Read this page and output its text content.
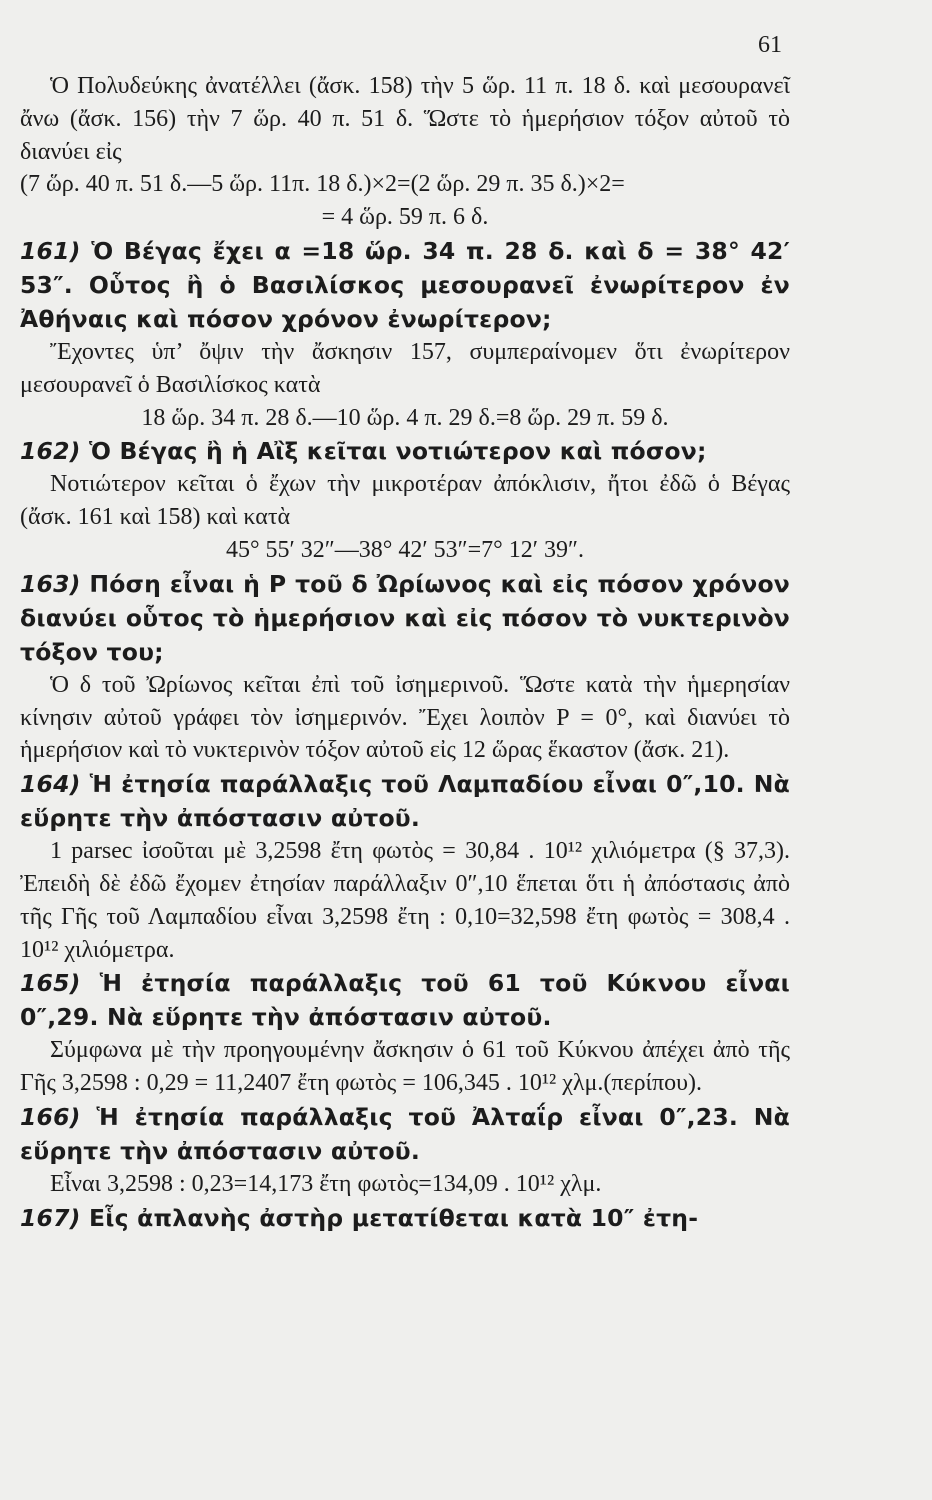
61

Ὁ Πολυδεύκης ἀνατέλλει (ἄσκ. 158) τὴν 5 ὥρ. 11 π. 18 δ. καὶ μεσουρανεῖ ἄνω (ἄσκ. 156) τὴν 7 ὥρ. 40 π. 51 δ. Ὥστε τὸ ἡμερήσιον τόξον αὐτοῦ τὸ διανύει εἰς

(7 ὥρ. 40 π. 51 δ.—5 ὥρ. 11π. 18 δ.)×2=(2 ὥρ. 29 π. 35 δ.)×2=

= 4 ὥρ. 59 π. 6 δ.

161) Ὁ Βέγας ἔχει α =18 ὥρ. 34 π. 28 δ. καὶ δ = 38° 42′ 53″. Οὗτος ἢ ὁ Βασιλίσκος μεσουρανεῖ ἐνωρίτερον ἐν Ἀθήναις καὶ πόσον χρόνον ἐνωρίτερον;

Ἔχοντες ὑπ’ ὄψιν τὴν ἄσκησιν 157, συμπεραίνομεν ὅτι ἐνωρίτερον μεσουρανεῖ ὁ Βασιλίσκος κατὰ

18 ὥρ. 34 π. 28 δ.—10 ὥρ. 4 π. 29 δ.=8 ὥρ. 29 π. 59 δ.

162) Ὁ Βέγας ἢ ἡ Αἲξ κεῖται νοτιώτερον καὶ πόσον;

Νοτιώτερον κεῖται ὁ ἔχων τὴν μικροτέραν ἀπόκλισιν, ἤτοι ἐδῶ ὁ Βέγας (ἄσκ. 161 καὶ 158) καὶ κατὰ

45° 55′ 32″—38° 42′ 53″=7° 12′ 39″.

163) Πόση εἶναι ἡ P τοῦ δ Ὠρίωνος καὶ εἰς πόσον χρόνον διανύει οὗτος τὸ ἡμερήσιον καὶ εἰς πόσον τὸ νυκτερινὸν τόξον του;

Ὁ δ τοῦ Ὠρίωνος κεῖται ἐπὶ τοῦ ἰσημερινοῦ. Ὥστε κατὰ τὴν ἡμερησίαν κίνησιν αὐτοῦ γράφει τὸν ἰσημερινόν. Ἔχει λοιπὸν P = 0°, καὶ διανύει τὸ ἡμερήσιον καὶ τὸ νυκτερινὸν τόξον αὐτοῦ εἰς 12 ὥρας ἕκαστον (ἄσκ. 21).

164) Ἡ ἐτησία παράλλαξις τοῦ Λαμπαδίου εἶναι 0″,10. Νὰ εὕρητε τὴν ἀπόστασιν αὐτοῦ.

1 parsec ἰσοῦται μὲ 3,2598 ἔτη φωτὸς = 30,84 . 10¹² χιλιόμετρα (§ 37,3). Ἐπειδὴ δὲ ἐδῶ ἔχομεν ἐτησίαν παράλλαξιν 0″,10 ἕπεται ὅτι ἡ ἀπόστασις ἀπὸ τῆς Γῆς τοῦ Λαμπαδίου εἶναι 3,2598 ἔτη : 0,10=32,598 ἔτη φωτὸς = 308,4 . 10¹² χιλιόμετρα.

165) Ἡ ἐτησία παράλλαξις τοῦ 61 τοῦ Κύκνου εἶναι 0″,29. Νὰ εὕρητε τὴν ἀπόστασιν αὐτοῦ.

Σύμφωνα μὲ τὴν προηγουμένην ἄσκησιν ὁ 61 τοῦ Κύκνου ἀπέχει ἀπὸ τῆς Γῆς 3,2598 : 0,29 = 11,2407 ἔτη φωτὸς = 106,345 . 10¹² χλμ.(περίπου).

166) Ἡ ἐτησία παράλλαξις τοῦ Ἀλταΐρ εἶναι 0″,23. Νὰ εὕρητε τὴν ἀπόστασιν αὐτοῦ.

Εἶναι 3,2598 : 0,23=14,173 ἔτη φωτὸς=134,09 . 10¹² χλμ.

167) Εἷς ἀπλανὴς ἀστὴρ μετατίθεται κατὰ 10″ ἐτη-
